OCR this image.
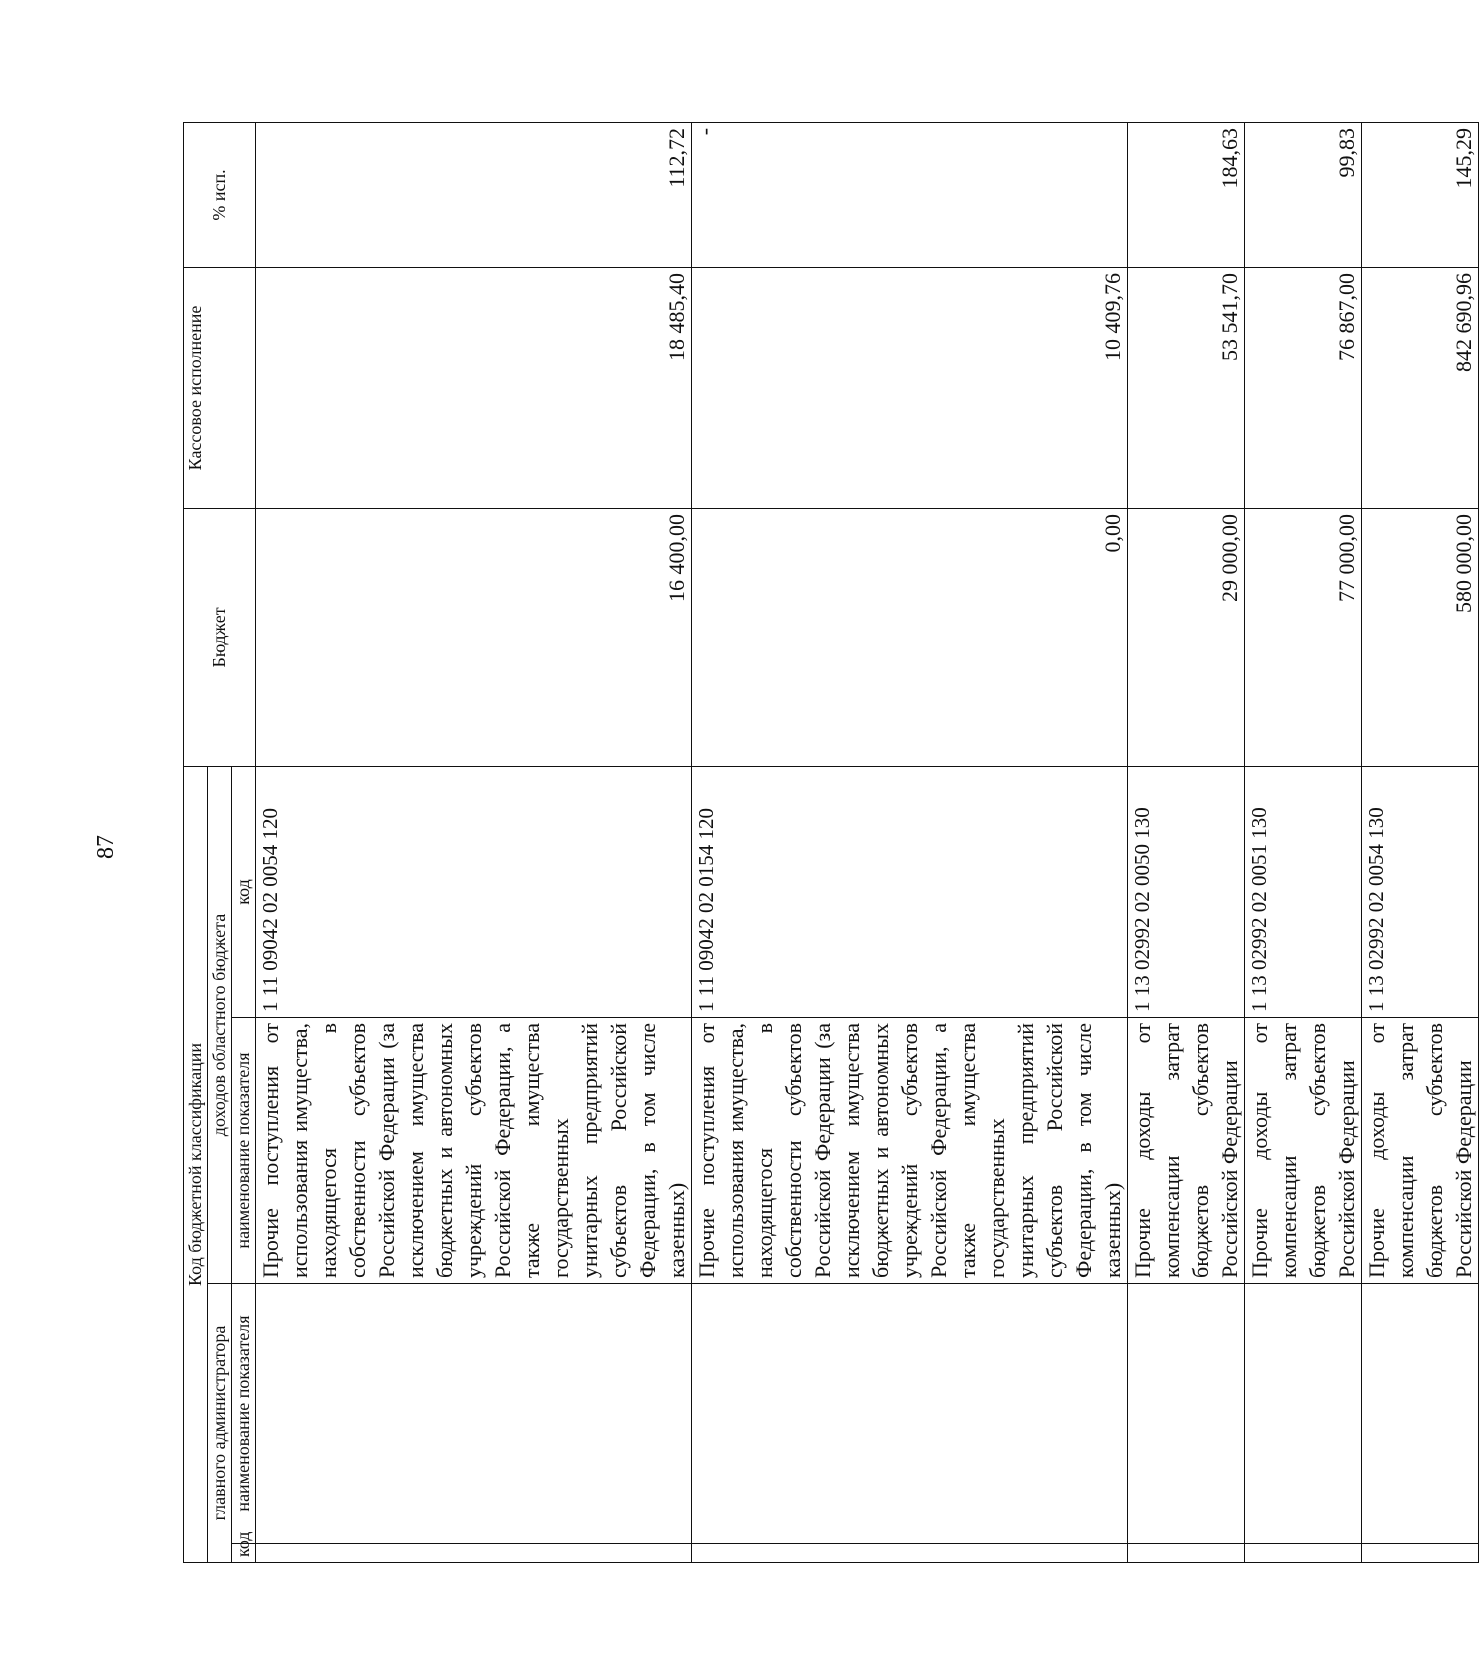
87
Код бюджетной классификации				Бюджет	Кассовое исполнение	% исп.
главного администратора		доходов областного бюджета				
код	наименование показателя	наименование показателя	код			
		Прочие поступления от использования имущества, находящегося в собственности субъектов Российской Федерации (за исключением имущества бюджетных и автономных учреждений субъектов Российской Федерации, а также имущества государственных унитарных предприятий субъектов Российской Федерации, в том числе казенных)	1 11 09042 02 0054 120	16 400,00	18 485,40	112,72
		Прочие поступления от использования имущества, находящегося в собственности субъектов Российской Федерации (за исключением имущества бюджетных и автономных учреждений субъектов Российской Федерации, а также имущества государственных унитарных предприятий субъектов Российской Федерации, в том числе казенных)	1 11 09042 02 0154 120	0,00	10 409,76	-
		Прочие доходы от компенсации затрат бюджетов субъектов Российской Федерации	1 13 02992 02 0050 130	29 000,00	53 541,70	184,63
		Прочие доходы от компенсации затрат бюджетов субъектов Российской Федерации	1 13 02992 02 0051 130	77 000,00	76 867,00	99,83
		Прочие доходы от компенсации затрат бюджетов субъектов Российской Федерации	1 13 02992 02 0054 130	580 000,00	842 690,96	145,29
